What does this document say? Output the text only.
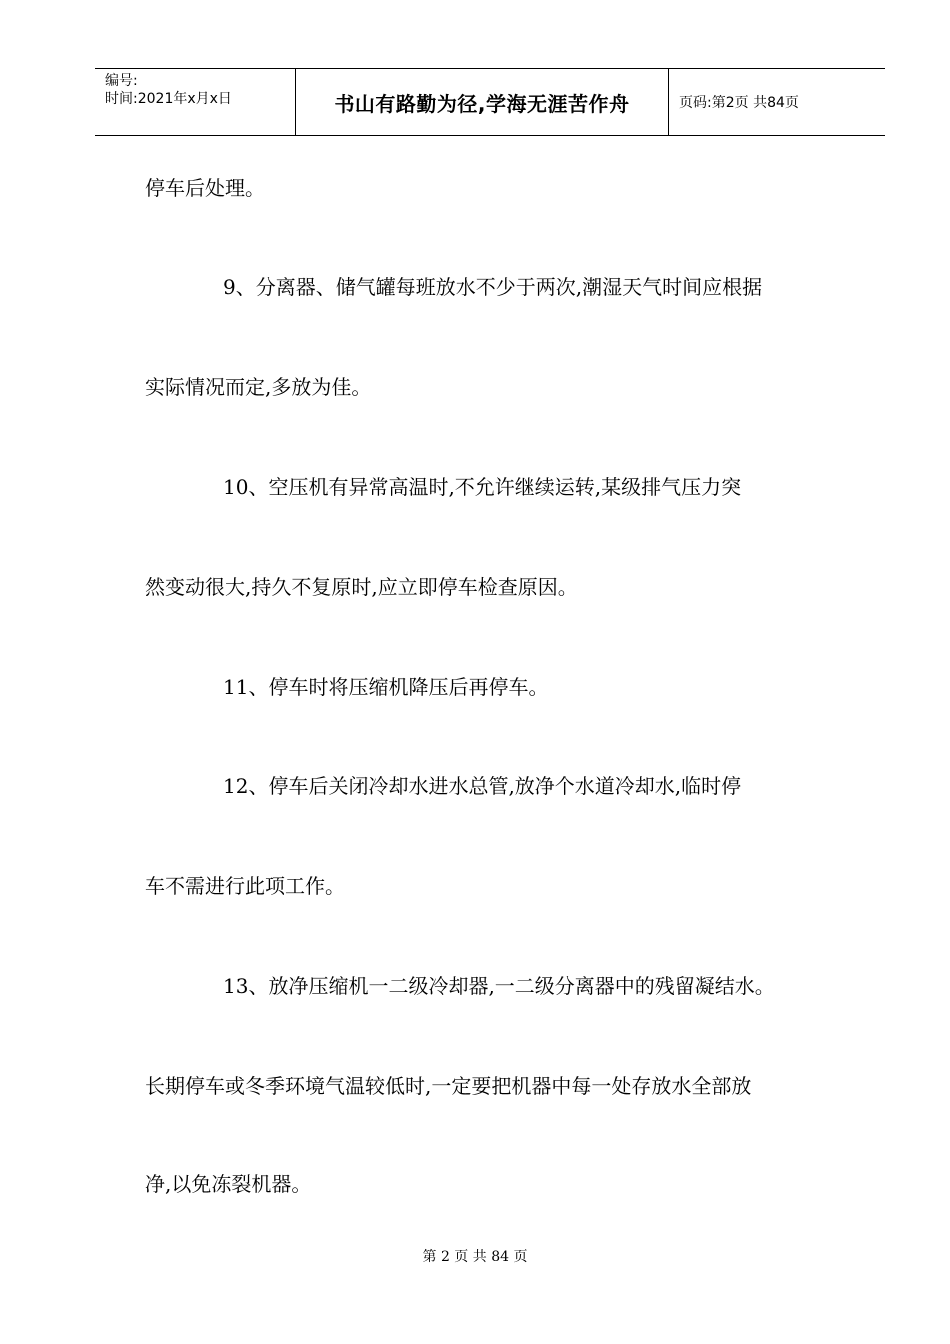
编号:
时间:2021年x月x日	书山有路勤为径,学海无涯苦作舟	页码:第2页 共84页
停车后处理。
9、分离器、储气罐每班放水不少于两次,潮湿天气时间应根据
实际情况而定,多放为佳。
10、空压机有异常高温时,不允许继续运转,某级排气压力突
然变动很大,持久不复原时,应立即停车检查原因。
11、停车时将压缩机降压后再停车。
12、停车后关闭冷却水进水总管,放净个水道冷却水,临时停
车不需进行此项工作。
13、放净压缩机一二级冷却器,一二级分离器中的残留凝结水。
长期停车或冬季环境气温较低时,一定要把机器中每一处存放水全部放
净,以免冻裂机器。
第 2 页 共 84 页
